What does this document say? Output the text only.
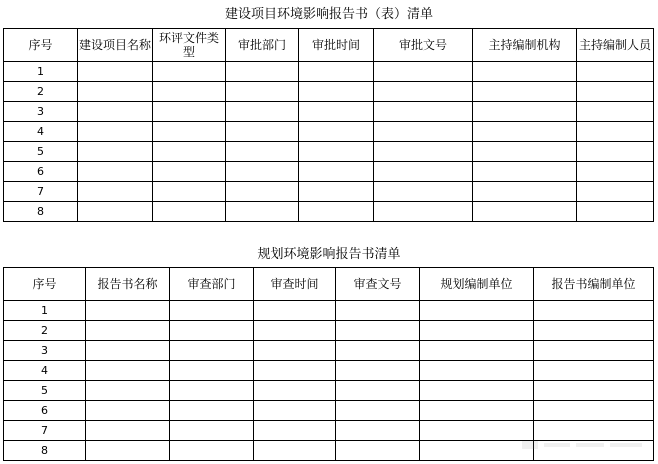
建设项目环境影响报告书（表）清单
序号	建设项目名称	环评文件类型	审批部门	审批时间	审批文号	主持编制机构	主持编制人员
1							
2							
3							
4							
5							
6							
7							
8							
规划环境影响报告书清单
序号	报告书名称	审查部门	审查时间	审查文号	规划编制单位	报告书编制单位
1						
2						
3						
4						
5						
6						
7						
8						
